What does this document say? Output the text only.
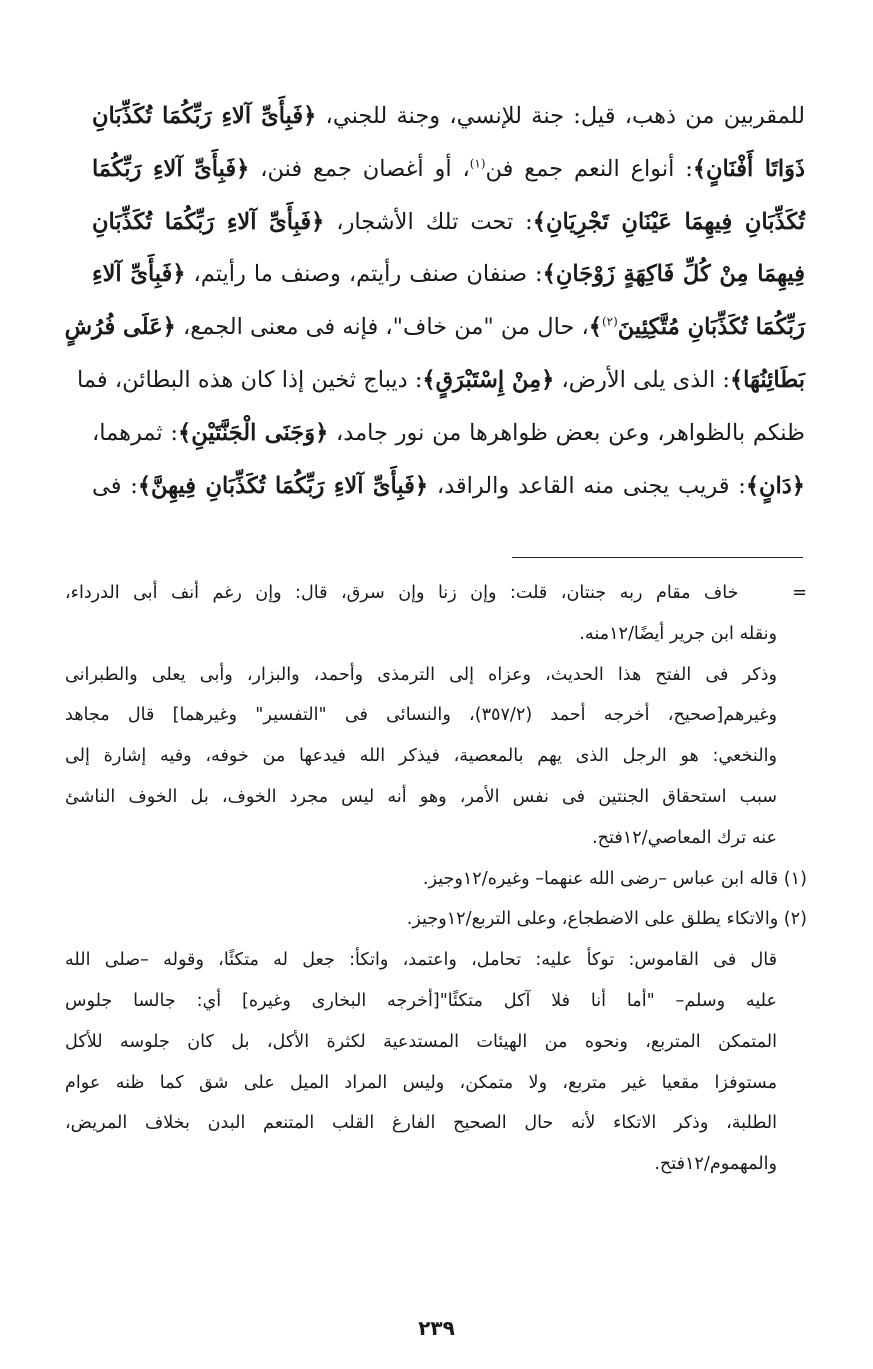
للمقربين من ذهب، قيل: جنة للإنسي، وجنة للجني، ﴿فَبِأَىِّ آلاءِ رَبِّكُمَا تُكَذِّبَانِ
ذَوَاتَا أَفْنَانٍ﴾: أنواع النعم جمع فن$^{(١)}$، أو أغصان جمع فنن، ﴿فَبِأَىِّ آلاءِ رَبِّكُمَا
تُكَذِّبَانِ فِيهِمَا عَيْنَانِ تَجْرِيَانِ﴾: تحت تلك الأشجار، ﴿فَبِأَىِّ آلاءِ رَبِّكُمَا تُكَذِّبَانِ
فِيهِمَا مِنْ كُلِّ فَاكِهَةٍ زَوْجَانِ﴾: صنفان صنف رأيتم، وصنف ما رأيتم، ﴿فَبِأَىِّ آلاءِ
رَبِّكُمَا تُكَذِّبَانِ مُتَّكِئِينَ$^{(٢)}$﴾، حال من "من خاف"، فإنه فى معنى الجمع، ﴿عَلَى فُرُشٍ
بَطَائِنُهَا﴾: الذى يلى الأرض، ﴿مِنْ إِسْتَبْرَقٍ﴾: ديباج ثخين إذا كان هذه البطائن، فما
ظنكم بالظواهر، وعن بعض ظواهرها من نور جامد، ﴿وَجَنَى الْجَنَّتَيْنِ﴾: ثمرهما،
﴿دَانٍ﴾: قريب يجنى منه القاعد والراقد، ﴿فَبِأَىِّ آلاءِ رَبِّكُمَا تُكَذِّبَانِ فِيهِنَّ﴾: فى
=    خاف مقام ربه جنتان، قلت: وإن زنا وإن سرق، قال: وإن رغم أنف أبى الدرداء،
ونقله ابن جرير أيضًا/١٢منه.
وذكر فى الفتح هذا الحديث، وعزاه إلى الترمذى وأحمد، والبزار، وأبى يعلى والطبرانى
وغيرهم[صحيح، أخرجه أحمد (٣٥٧/٢)، والنسائى فى "التفسير" وغيرهما] قال مجاهد
والنخعي: هو الرجل الذى يهم بالمعصية، فيذكر الله فيدعها من خوفه، وفيه إشارة إلى
سبب استحقاق الجنتين فى نفس الأمر، وهو أنه ليس مجرد الخوف، بل الخوف الناشئ
عنه ترك المعاصي/١٢فتح.
(١) قاله ابن عباس –رضى الله عنهما– وغيره/١٢وجيز.
(٢) والاتكاء يطلق على الاضطجاع، وعلى التربع/١٢وجيز.
قال فى القاموس: توكأ عليه: تحامل، واعتمد، واتكأ: جعل له متكئًا، وقوله –صلى الله
عليه وسلم– "أما أنا فلا آكل متكئًا"[أخرجه البخارى وغيره] أي: جالسا جلوس
المتمكن المتربع، ونحوه من الهيئات المستدعية لكثرة الأكل، بل كان جلوسه للأكل
مستوفزا مقعيا غير متربع، ولا متمكن، وليس المراد الميل على شق كما ظنه عوام
الطلبة، وذكر الاتكاء لأنه حال الصحيح الفارغ القلب المتنعم البدن بخلاف المريض،
والمهموم/١٢فتح.
٢٣٩
